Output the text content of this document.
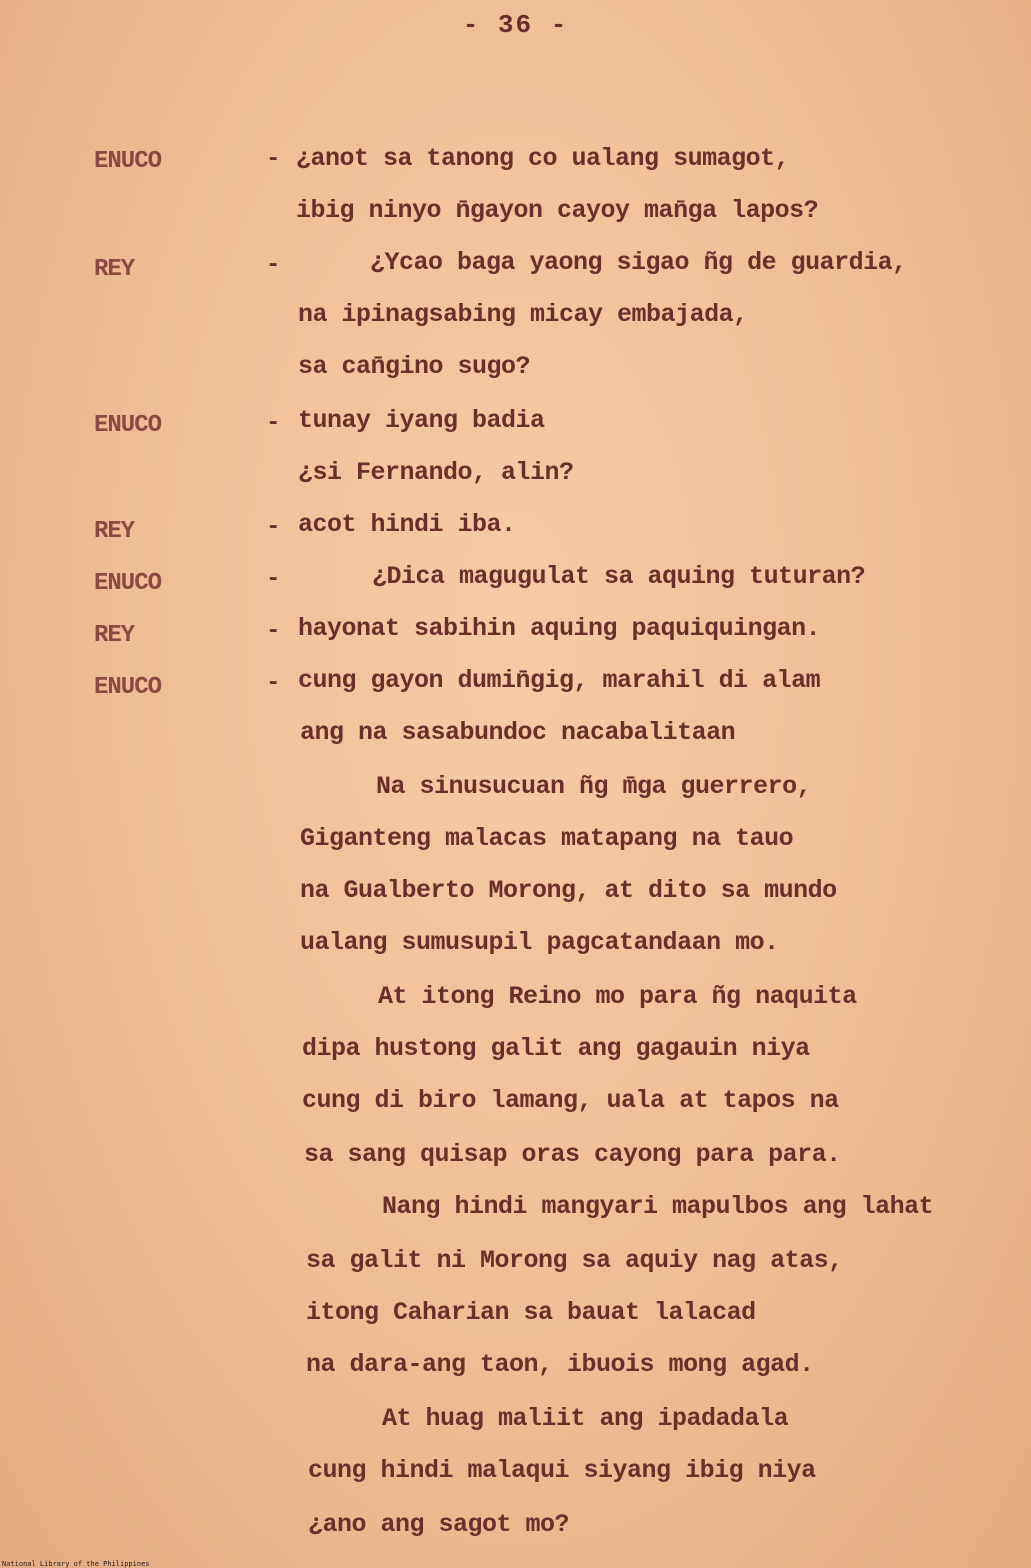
- 36 -
ENUCO	- ¿anot sa tanong co ualang sumagot,
ibig ninyo n̄gayon cayoy man̄ga lapos?
REY	-	¿Ycao baga yaong sigao ñg de guardia,
na ipinagsabing micay embajada,
sa can̄gino sugo?
ENUCO	- tunay iyang badia
¿si Fernando, alin?
REY	- acot hindi iba.
ENUCO	-	¿Dica magugulat sa aquing tuturan?
REY	- hayonat sabihin aquing paquiquingan.
ENUCO	- cung gayon dumin̄gig, marahil di alam
ang na sasabundoc nacabalitaan
Na sinusucuan ñg m̄ga guerrero,
Giganteng malacas matapang na tauo
na Gualberto Morong, at dito sa mundo
ualang sumusupil pagcatandaan mo.
At itong Reino mo para ñg naquita
dipa hustong galit ang gagauin niya
cung di biro lamang, uala at tapos na
sa sang quisap oras cayong para para.
Nang hindi mangyari mapulbos ang lahat
sa galit ni Morong sa aquiy nag atas,
itong Caharian sa bauat lalacad
na dara-ang taon, ibuois mong agad.
At huag maliit ang ipadadala
cung hindi malaqui siyang ibig niya
¿ano ang sagot mo?
National Library of the Philippines
